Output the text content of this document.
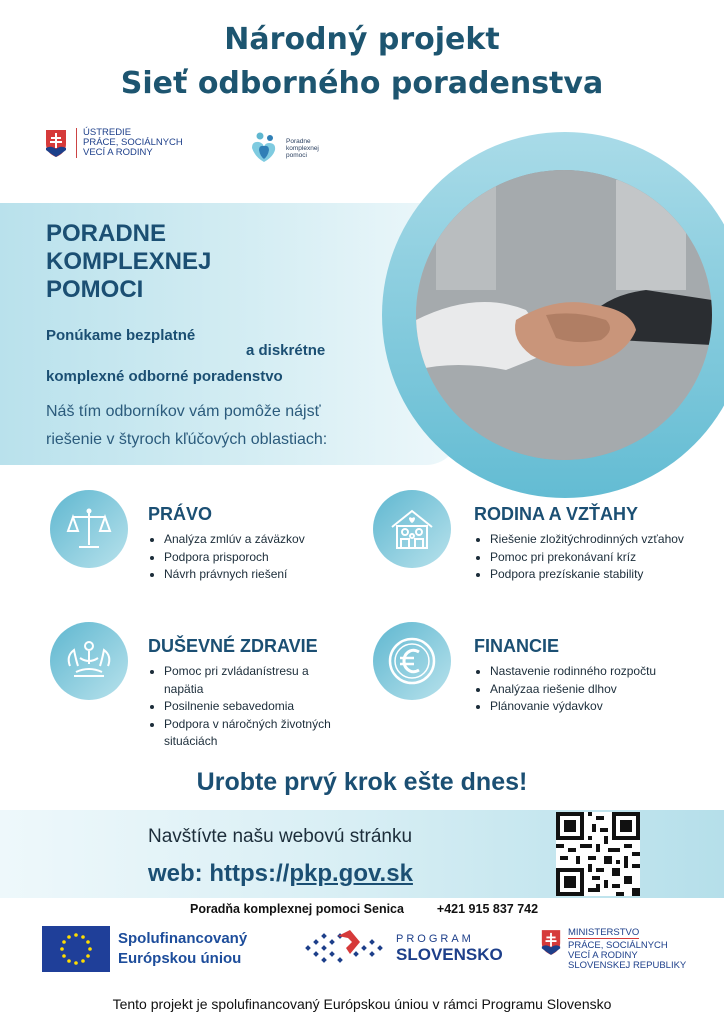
Národný projekt
Sieť odborného poradenstva
ÚSTREDIE
PRÁCE, SOCIÁLNYCH
VECÍ A RODINY
Poradne
komplexnej
pomoci
PORADNE
KOMPLEXNEJ
POMOCI
Ponúkame bezplatné
a diskrétne
komplexné odborné poradenstvo
Náš tím odborníkov vám pomôže nájsť
riešenie v štyroch kľúčových oblastiach:
PRÁVO
• Analýza zmlúv a záväzkov
• Podpora prisporoch
• Návrh právnych riešení
RODINA A VZŤAHY
• Riešenie zložitýchrodinných vzťahov
• Pomoc pri prekonávaní kríz
• Podpora prezískanie stability
DUŠEVNÉ ZDRAVIE
• Pomoc pri zvládanístresu a napätia
• Posilnenie sebavedomia
• Podpora v náročných životných situáciách
FINANCIE
• Nastavenie rodinného rozpočtu
• Analýzaa riešenie dlhov
• Plánovanie výdavkov
Urobte prvý krok ešte dnes!
Navštívte našu webovú stránku
web: https://pkp.gov.sk
Poradňa komplexnej pomoci Senica	+421 915 837 742
Spolufinancovaný
Európskou úniou
PROGRAM
SLOVENSKO
MINISTERSTVO
PRÁCE, SOCIÁLNYCH
VECÍ A RODINY
SLOVENSKEJ REPUBLIKY
Tento projekt je spolufinancovaný Európskou úniou v rámci Programu Slovensko
